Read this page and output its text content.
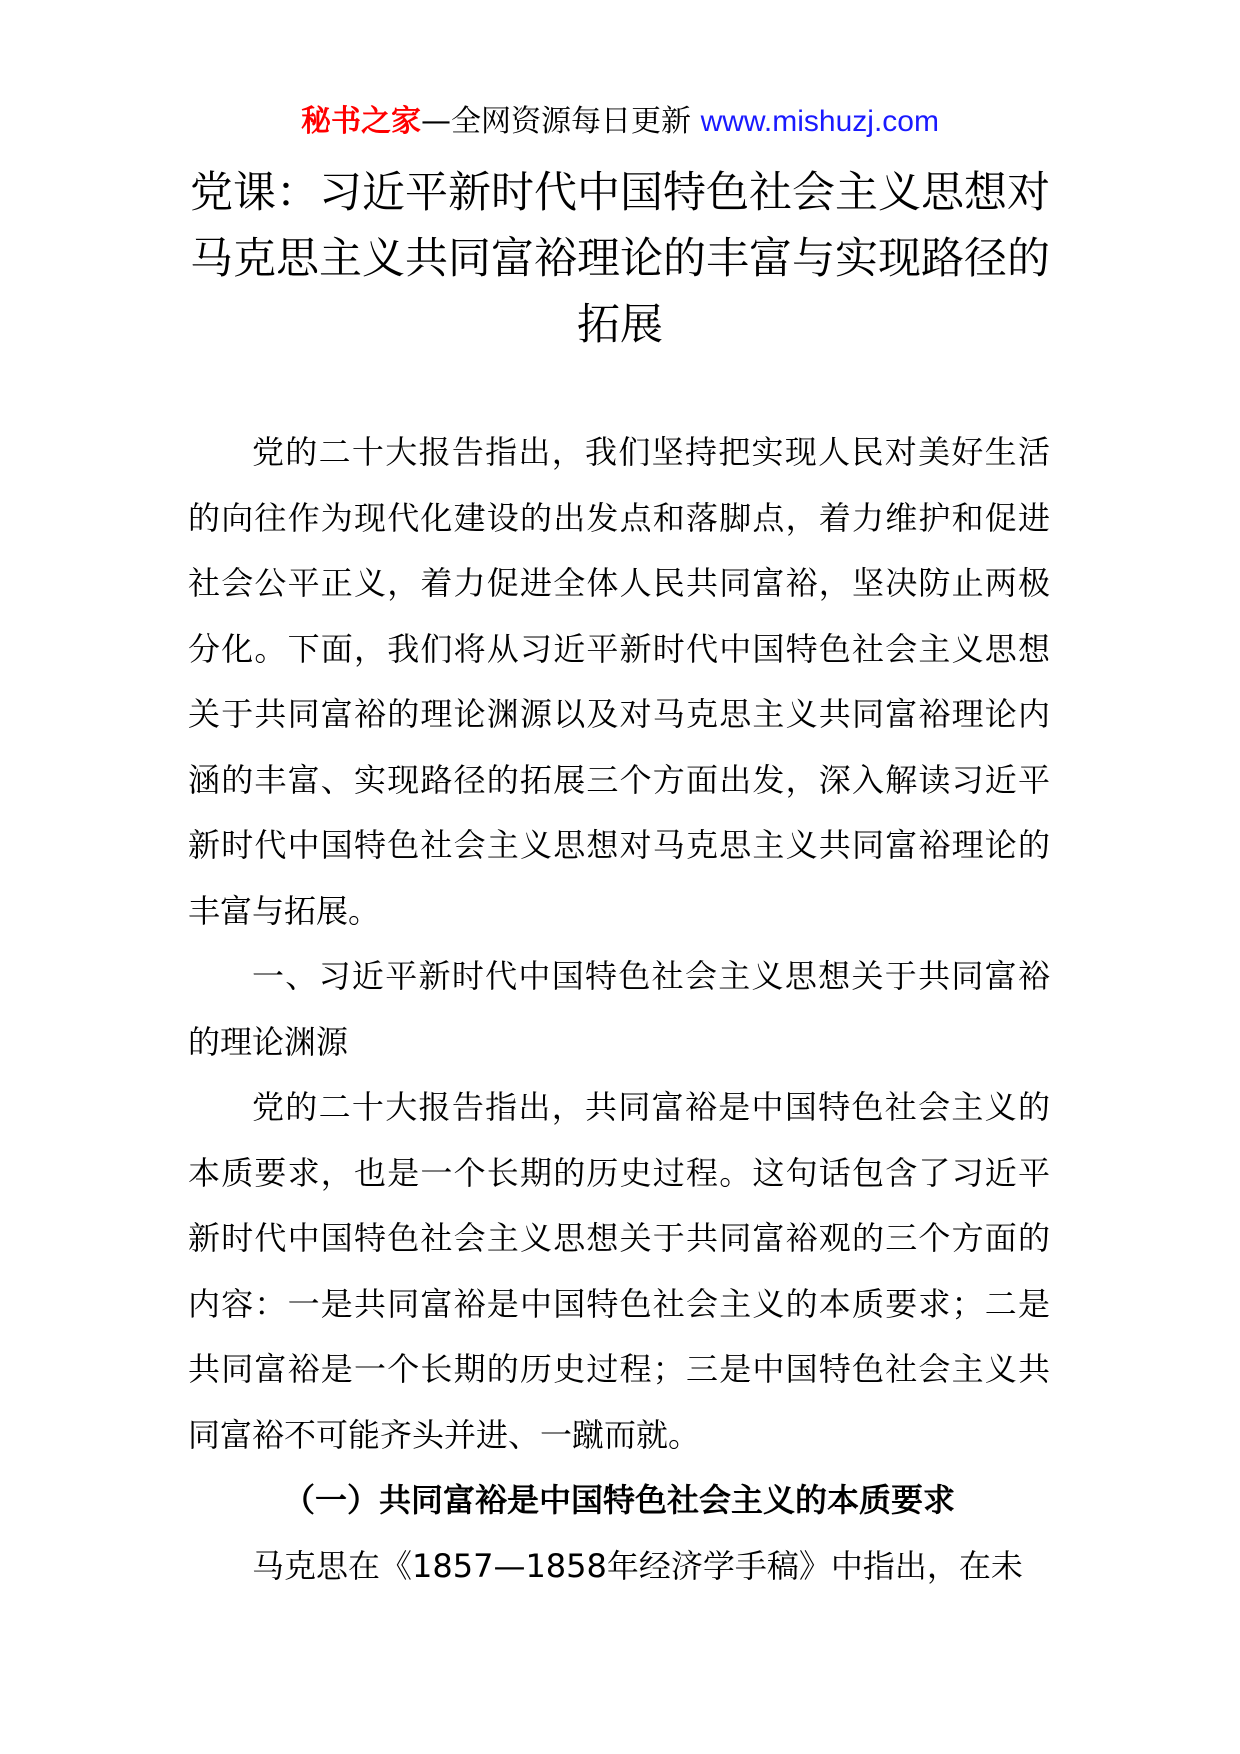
秘书之家—全网资源每日更新 www.mishuzj.com
党课：习近平新时代中国特色社会主义思想对马克思主义共同富裕理论的丰富与实现路径的拓展

党的二十大报告指出，我们坚持把实现人民对美好生活的向往作为现代化建设的出发点和落脚点，着力维护和促进社会公平正义，着力促进全体人民共同富裕，坚决防止两极分化。下面，我们将从习近平新时代中国特色社会主义思想关于共同富裕的理论渊源以及对马克思主义共同富裕理论内涵的丰富、实现路径的拓展三个方面出发，深入解读习近平新时代中国特色社会主义思想对马克思主义共同富裕理论的丰富与拓展。

一、习近平新时代中国特色社会主义思想关于共同富裕的理论渊源

党的二十大报告指出，共同富裕是中国特色社会主义的本质要求，也是一个长期的历史过程。这句话包含了习近平新时代中国特色社会主义思想关于共同富裕观的三个方面的内容：一是共同富裕是中国特色社会主义的本质要求；二是共同富裕是一个长期的历史过程；三是中国特色社会主义共同富裕不可能齐头并进、一蹴而就。

（一）共同富裕是中国特色社会主义的本质要求

马克思在《1857—1858年经济学手稿》中指出，在未
